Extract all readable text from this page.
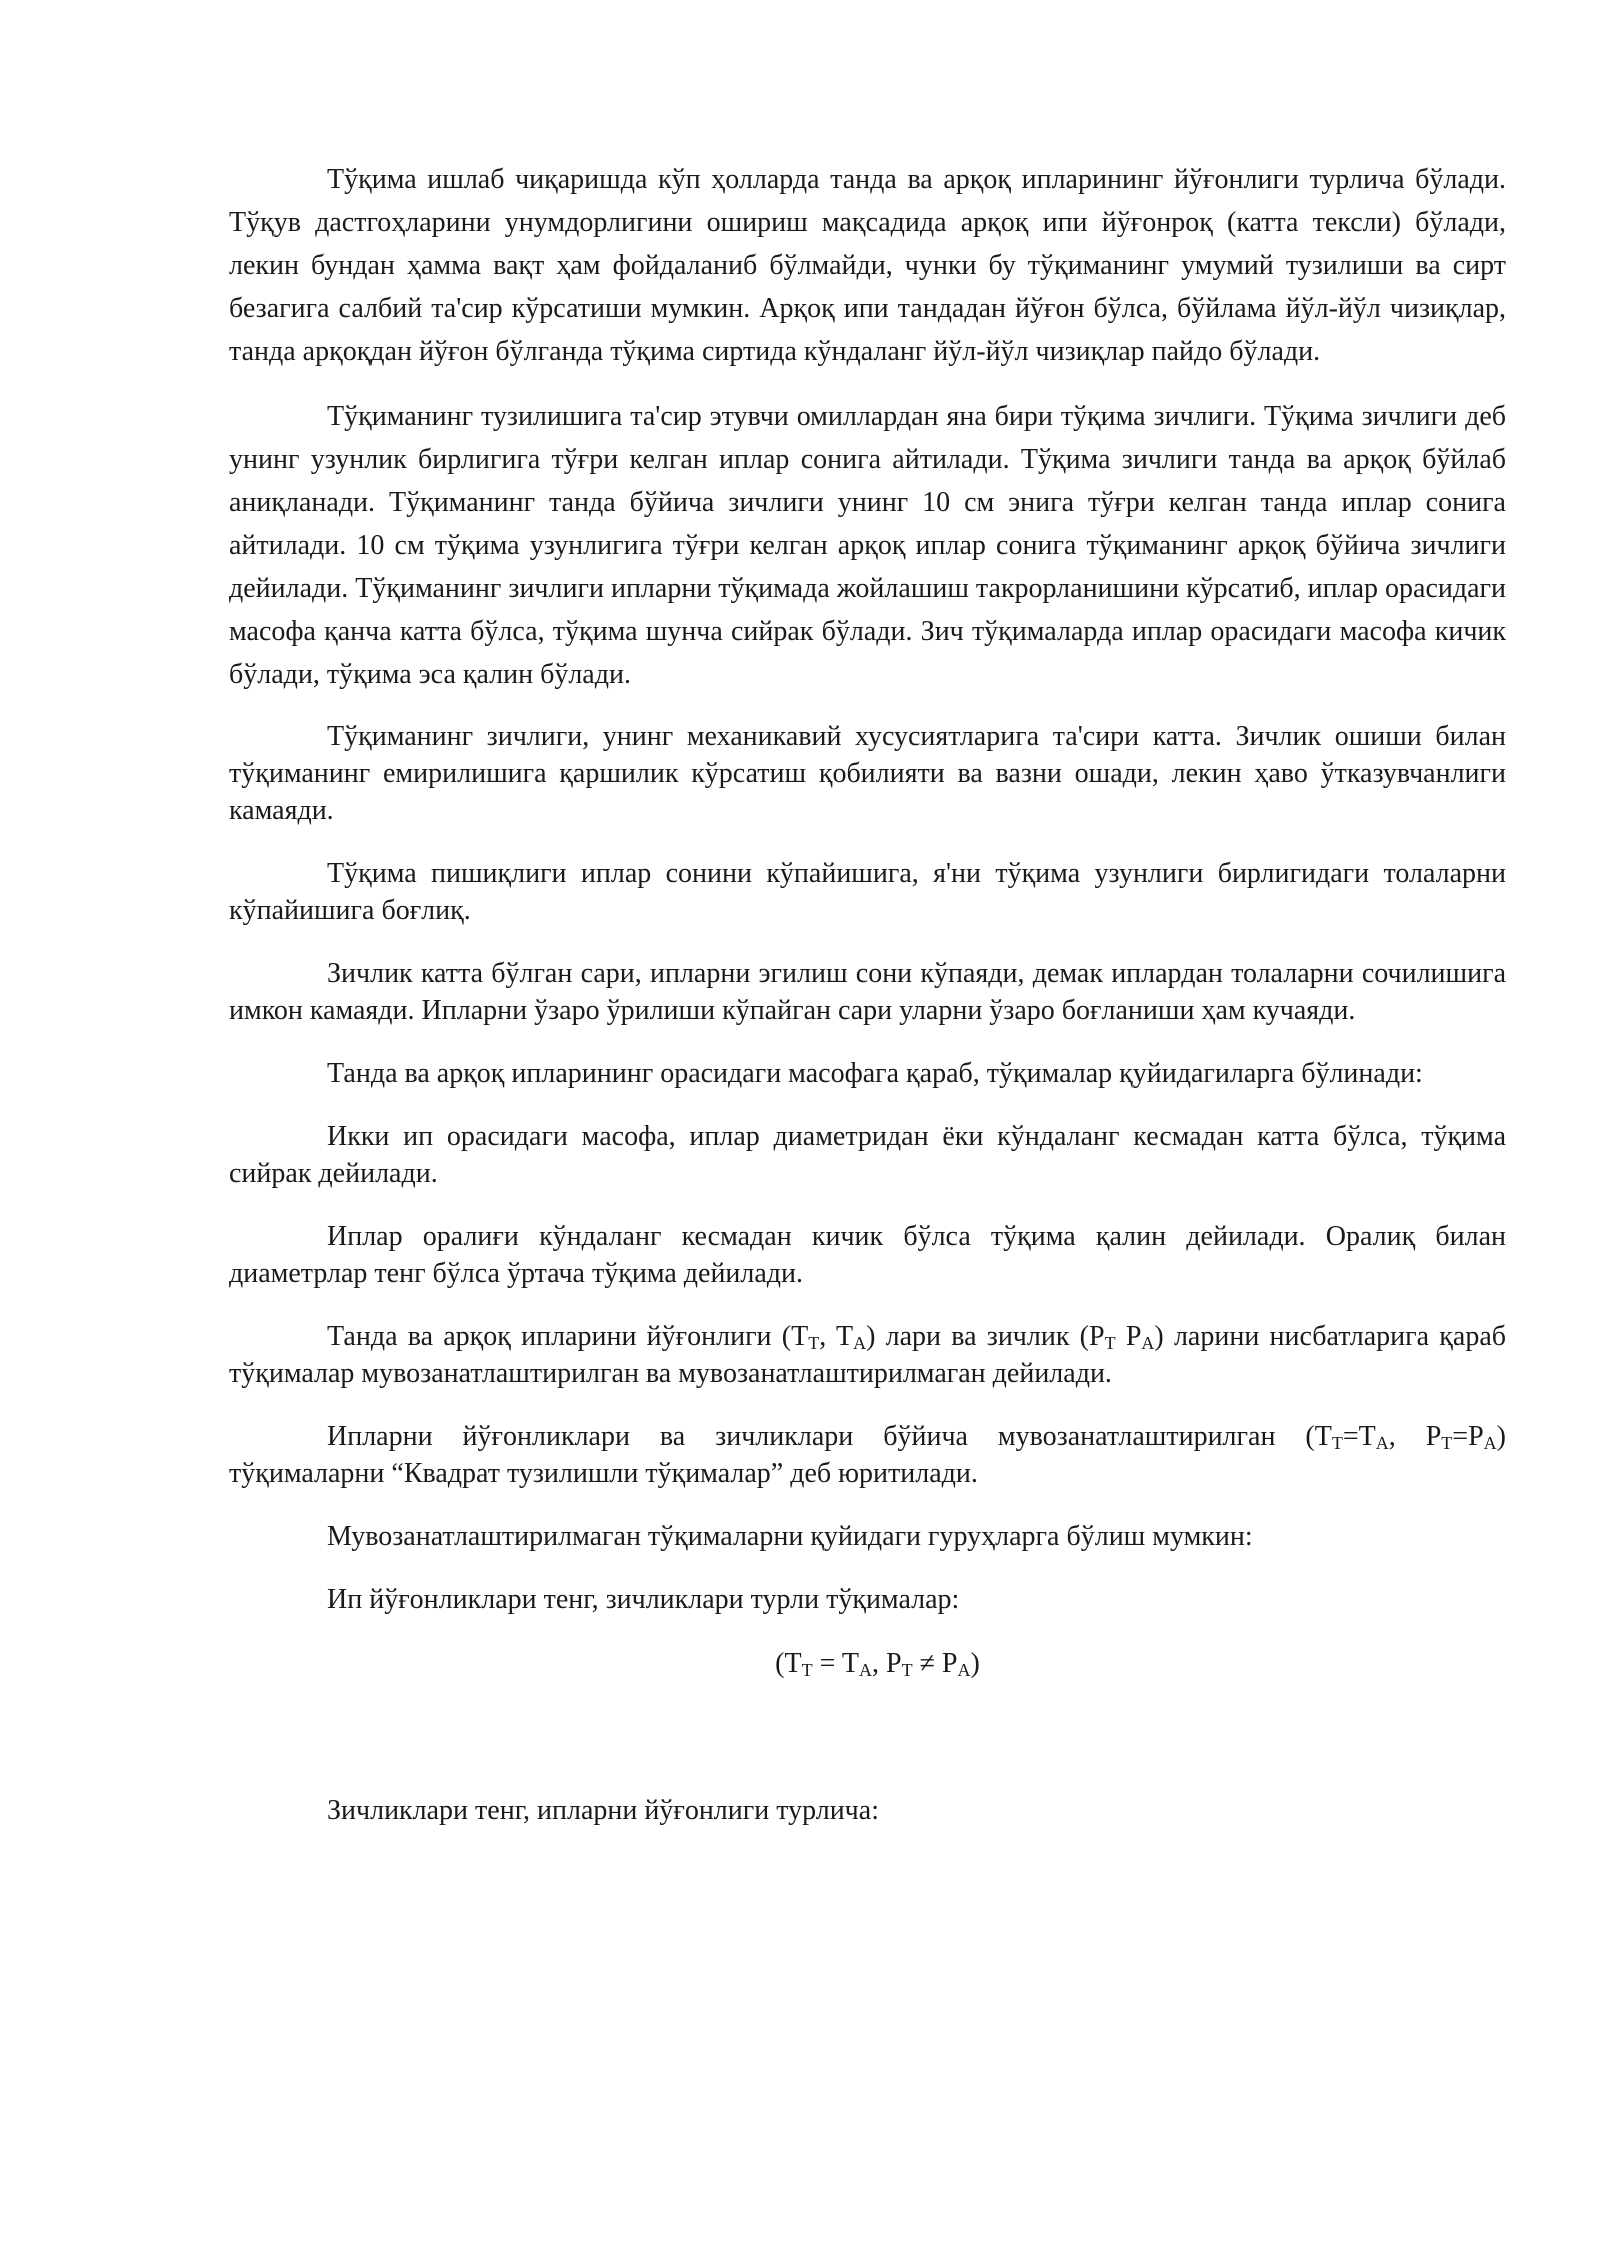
Тўқима ишлаб чиқаришда кўп ҳолларда танда ва арқоқ ипларининг йўғонлиги турлича бўлади. Тўқув дастгоҳларини унумдорлигини ошириш мақсадида арқоқ ипи йўғонроқ (катта тексли) бўлади, лекин бундан ҳамма вақт ҳам фойдаланиб бўлмайди, чунки бу тўқиманинг умумий тузилиши ва сирт безагига салбий та'сир кўрсатиши мумкин. Арқоқ ипи тандадан йўғон бўлса, бўйлама йўл-йўл чизиқлар, танда арқоқдан йўғон бўлганда тўқима сиртида кўндаланг йўл-йўл чизиқлар пайдо бўлади.

Тўқиманинг тузилишига та'сир этувчи омиллардан яна бири тўқима зичлиги. Тўқима зичлиги деб унинг узунлик бирлигига тўғри келган иплар сонига айтилади. Тўқима зичлиги танда ва арқоқ бўйлаб аниқланади. Тўқиманинг танда бўйича зичлиги унинг 10 см энига тўғри келган танда иплар сонига айтилади. 10 см тўқима узунлигига тўғри келган арқоқ иплар сонига тўқиманинг арқоқ бўйича зичлиги дейилади. Тўқиманинг зичлиги ипларни тўқимада жойлашиш такрорланишини кўрсатиб, иплар орасидаги масофа қанча катта бўлса, тўқима шунча сийрак бўлади. Зич тўқималарда иплар орасидаги масофа кичик бўлади, тўқима эса қалин бўлади.

Тўқиманинг зичлиги, унинг механикавий хусусиятларига та'сири катта. Зичлик ошиши билан тўқиманинг емирилишига қаршилик кўрсатиш қобилияти ва вазни ошади, лекин ҳаво ўтказувчанлиги камаяди.

Тўқима пишиқлиги иплар сонини кўпайишига, я'ни тўқима узунлиги бирлигидаги толаларни кўпайишига боғлиқ.

Зичлик катта бўлган сари, ипларни эгилиш сони кўпаяди, демак иплардан толаларни сочилишига имкон камаяди. Ипларни ўзаро ўрилиши кўпайган сари уларни ўзаро боғланиши ҳам кучаяди.

Танда ва арқоқ ипларининг орасидаги масофага қараб, тўқималар қуйидагиларга бўлинади:

Икки ип орасидаги масофа, иплар диаметридан ёки кўндаланг кесмадан катта бўлса, тўқима сийрак дейилади.

Иплар оралиғи кўндаланг кесмадан кичик бўлса тўқима қалин дейилади. Оралиқ билан диаметрлар тенг бўлса ўртача тўқима дейилади.

Танда ва арқоқ ипларини йўғонлиги ($T_T$, $T_A$) лари ва зичлик ($P_T$ $P_A$) ларини нисбатларига қараб тўқималар мувозанатлаштирилган ва мувозанатлаштирилмаган дейилади.

Ипларни йўғонликлари ва зичликлари бўйича мувозанатлаштирилган ($T_T=T_A$, $P_T=P_A$) тўқималарни “Квадрат тузилишли тўқималар” деб юритилади.

Мувозанатлаштирилмаган тўқималарни қуйидаги гуруҳларга бўлиш мумкин:

Ип йўғонликлари тенг, зичликлари турли тўқималар:

($T_T = T_A$, $P_T \ne P_A$)

Зичликлари тенг, ипларни йўғонлиги турлича:
